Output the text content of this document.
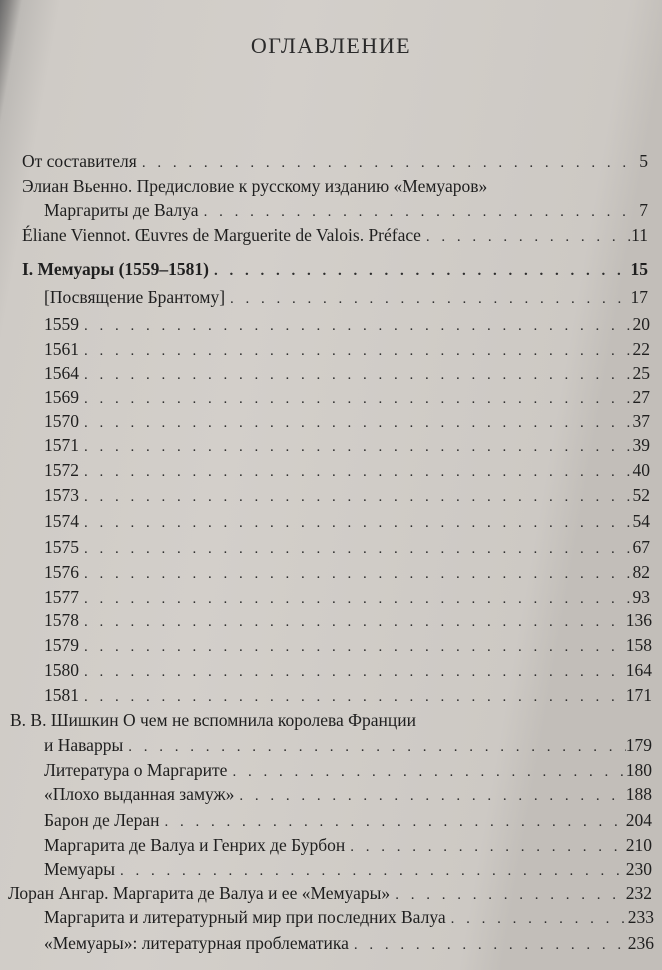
ОГЛАВЛЕНИЕ
От составителя . . .	5
Элиан Вьенно. Предисловие к русскому изданию «Мемуаров»
Маргариты де Валуа . . .	7
Éliane Viennot. Œuvres de Marguerite de Valois. Préface . . .	11
I. Мемуары (1559–1581) . . .	15
[Посвящение Брантому] . . .	17
1559 . . .	20
1561 . . .	22
1564 . . .	25
1569 . . .	27
1570 . . .	37
1571 . . .	39
1572 . . .	40
1573 . . .	52
1574 . . .	54
1575 . . .	67
1576 . . .	82
1577 . . .	93
1578 . . .	136
1579 . . .	158
1580 . . .	164
1581 . . .	171
В. В. Шишкин О чем не вспомнила королева Франции
и Наварры . . .	179
Литература о Маргарите . . .	180
«Плохо выданная замуж» . . .	188
Барон де Леран . . .	204
Маргарита де Валуа и Генрих де Бурбон . . .	210
Мемуары . . .	230
Лоран Ангар. Маргарита де Валуа и ее «Мемуары» . . .	232
Маргарита и литературный мир при последних Валуа . . .	233
«Мемуары»: литературная проблематика . . .	236
